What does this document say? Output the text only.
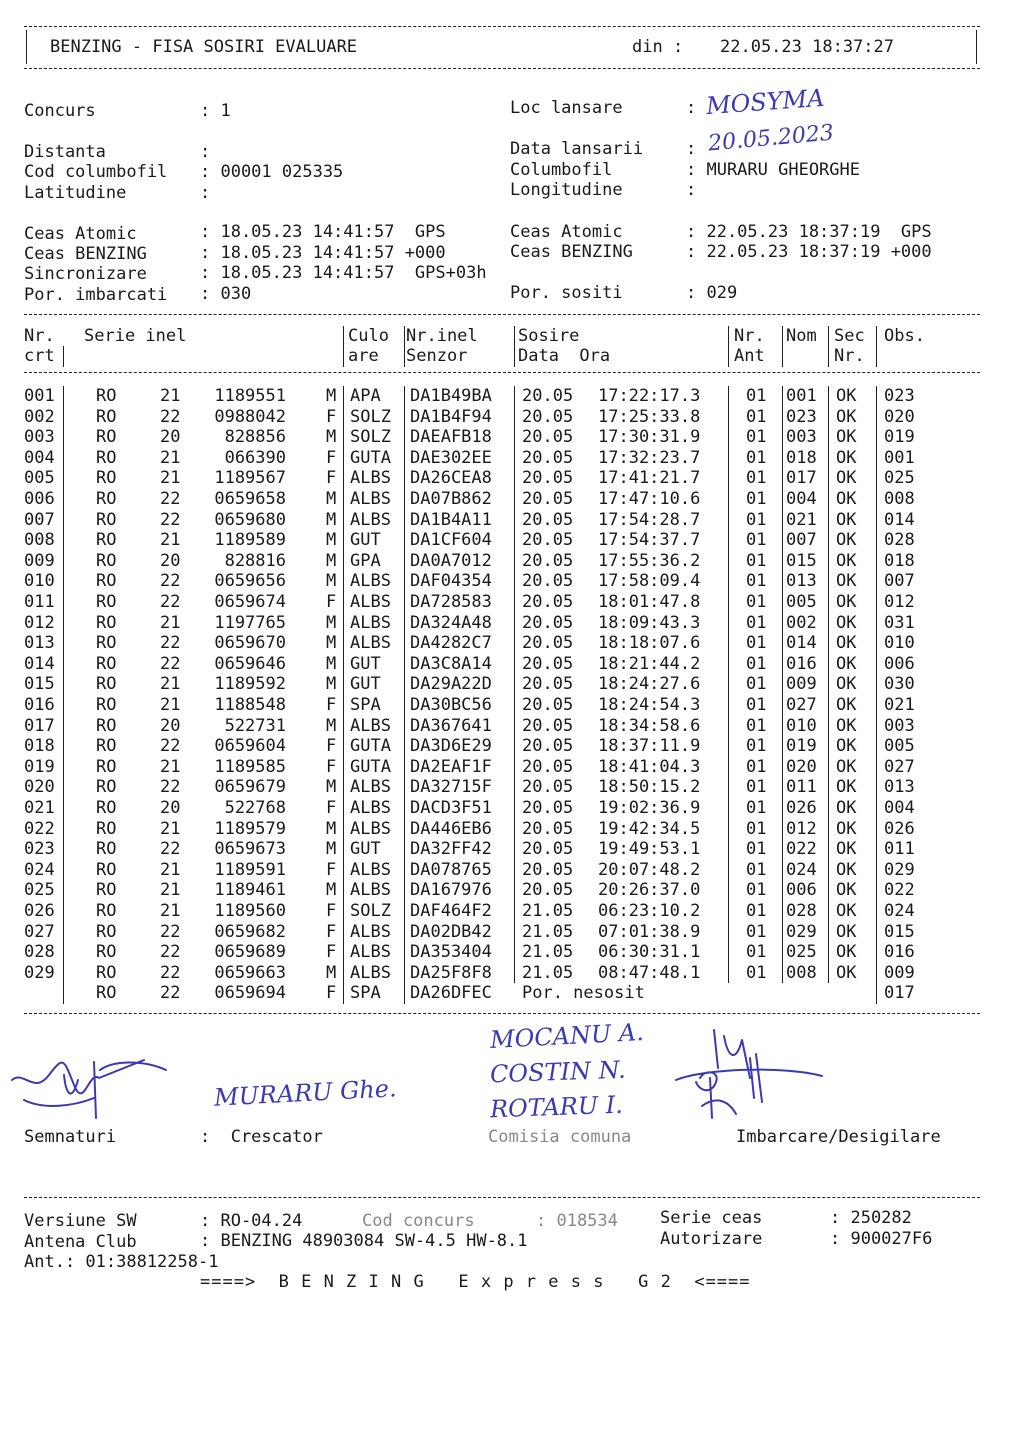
BENZING - FISA SOSIRI EVALUARE	din : 22.05.23 18:37:27
Concurs	: 1	Loc lansare	: MOSYMA
Data lansarii	: 20.05.2023
Distanta	:
Cod columbofil : 00001 025335	Columbofil	: MURARU GHEORGHE
Latitudine	:	Longitudine	:
Ceas Atomic	: 18.05.23 14:41:57  GPS	Ceas Atomic	: 22.05.23 18:37:19  GPS
Ceas BENZING	: 18.05.23 14:41:57 +000	Ceas BENZING	: 22.05.23 18:37:19 +000
Sincronizare	: 18.05.23 14:41:57  GPS+03h
Por. imbarcati : 030	Por. sositi	: 029
Nr. Serie inel	Culo Nr.inel Sosire	Nr. Nom Sec Obs.
crt	are Senzor	Data  Ora	Ant	Nr.
001 RO	21	1189551 M APA DA1B49BA 20.05 17:22:17.3	01 001 OK 023
002 RO	22	0988042 F SOLZ DA1B4F94 20.05 17:25:33.8	01 023 OK 020
003 RO	20	828856 M SOLZ DAEAFB18 20.05 17:30:31.9	01 003 OK 019
004 RO	21	066390 F GUTA DAE302EE 20.05 17:32:23.7	01 018 OK 001
005 RO	21	1189567 F ALBS DA26CEA8 20.05 17:41:21.7	01 017 OK 025
006 RO	22	0659658 M ALBS DA07B862 20.05 17:47:10.6	01 004 OK 008
007 RO	22	0659680 M ALBS DA1B4A11 20.05 17:54:28.7	01 021 OK 014
008 RO	21	1189589 M GUT DA1CF604 20.05 17:54:37.7	01 007 OK 028
009 RO	20	828816 M GPA DA0A7012 20.05 17:55:36.2	01 015 OK 018
010 RO	22	0659656 M ALBS DAF04354 20.05 17:58:09.4	01 013 OK 007
011 RO	22	0659674 F ALBS DA728583 20.05 18:01:47.8	01 005 OK 012
012 RO	21	1197765 M ALBS DA324A48 20.05 18:09:43.3	01 002 OK 031
013 RO	22	0659670 M ALBS DA4282C7 20.05 18:18:07.6	01 014 OK 010
014 RO	22	0659646 M GUT DA3C8A14 20.05 18:21:44.2	01 016 OK 006
015 RO	21	1189592 M GUT DA29A22D 20.05 18:24:27.6	01 009 OK 030
016 RO	21	1188548 F SPA DA30BC56 20.05 18:24:54.3	01 027 OK 021
017 RO	20	522731 M ALBS DA367641 20.05 18:34:58.6	01 010 OK 003
018 RO	22	0659604 F GUTA DA3D6E29 20.05 18:37:11.9	01 019 OK 005
019 RO	21	1189585 F GUTA DA2EAF1F 20.05 18:41:04.3	01 020 OK 027
020 RO	22	0659679 M ALBS DA32715F 20.05 18:50:15.2	01 011 OK 013
021 RO	20	522768 F ALBS DACD3F51 20.05 19:02:36.9	01 026 OK 004
022 RO	21	1189579 M ALBS DA446EB6 20.05 19:42:34.5	01 012 OK 026
023 RO	22	0659673 M GUT DA32FF42 20.05 19:49:53.1	01 022 OK 011
024 RO	21	1189591 F ALBS DA078765 20.05 20:07:48.2	01 024 OK 029
025 RO	21	1189461 M ALBS DA167976 20.05 20:26:37.0	01 006 OK 022
026 RO	21	1189560 F SOLZ DAF464F2 21.05 06:23:10.2	01 028 OK 024
027 RO	22	0659682 F ALBS DA02DB42 21.05 07:01:38.9	01 029 OK 015
028 RO	22	0659689 F ALBS DA353404 21.05 06:30:31.1	01 025 OK 016
029 RO	22	0659663 M ALBS DA25F8F8 21.05 08:47:48.1	01 008 OK 009
RO	22	0659694 F SPA DA26DFEC Por. nesosit	017
MURARU Ghe.
MOCANU A.
COSTIN N.
ROTARU I.
Semnaturi	:  Crescator	Comisia comuna	Imbarcare/Desigilare
Versiune SW	: RO-04.24	Cod concurs	: 018534 Serie ceas	: 250282
Antena Club	: BENZING 48903084 SW-4.5 HW-8.1	Autorizare	: 900027F6
Ant.: 01:38812258-1
====>  B E N Z I N G   E x p r e s s   G 2  <====
